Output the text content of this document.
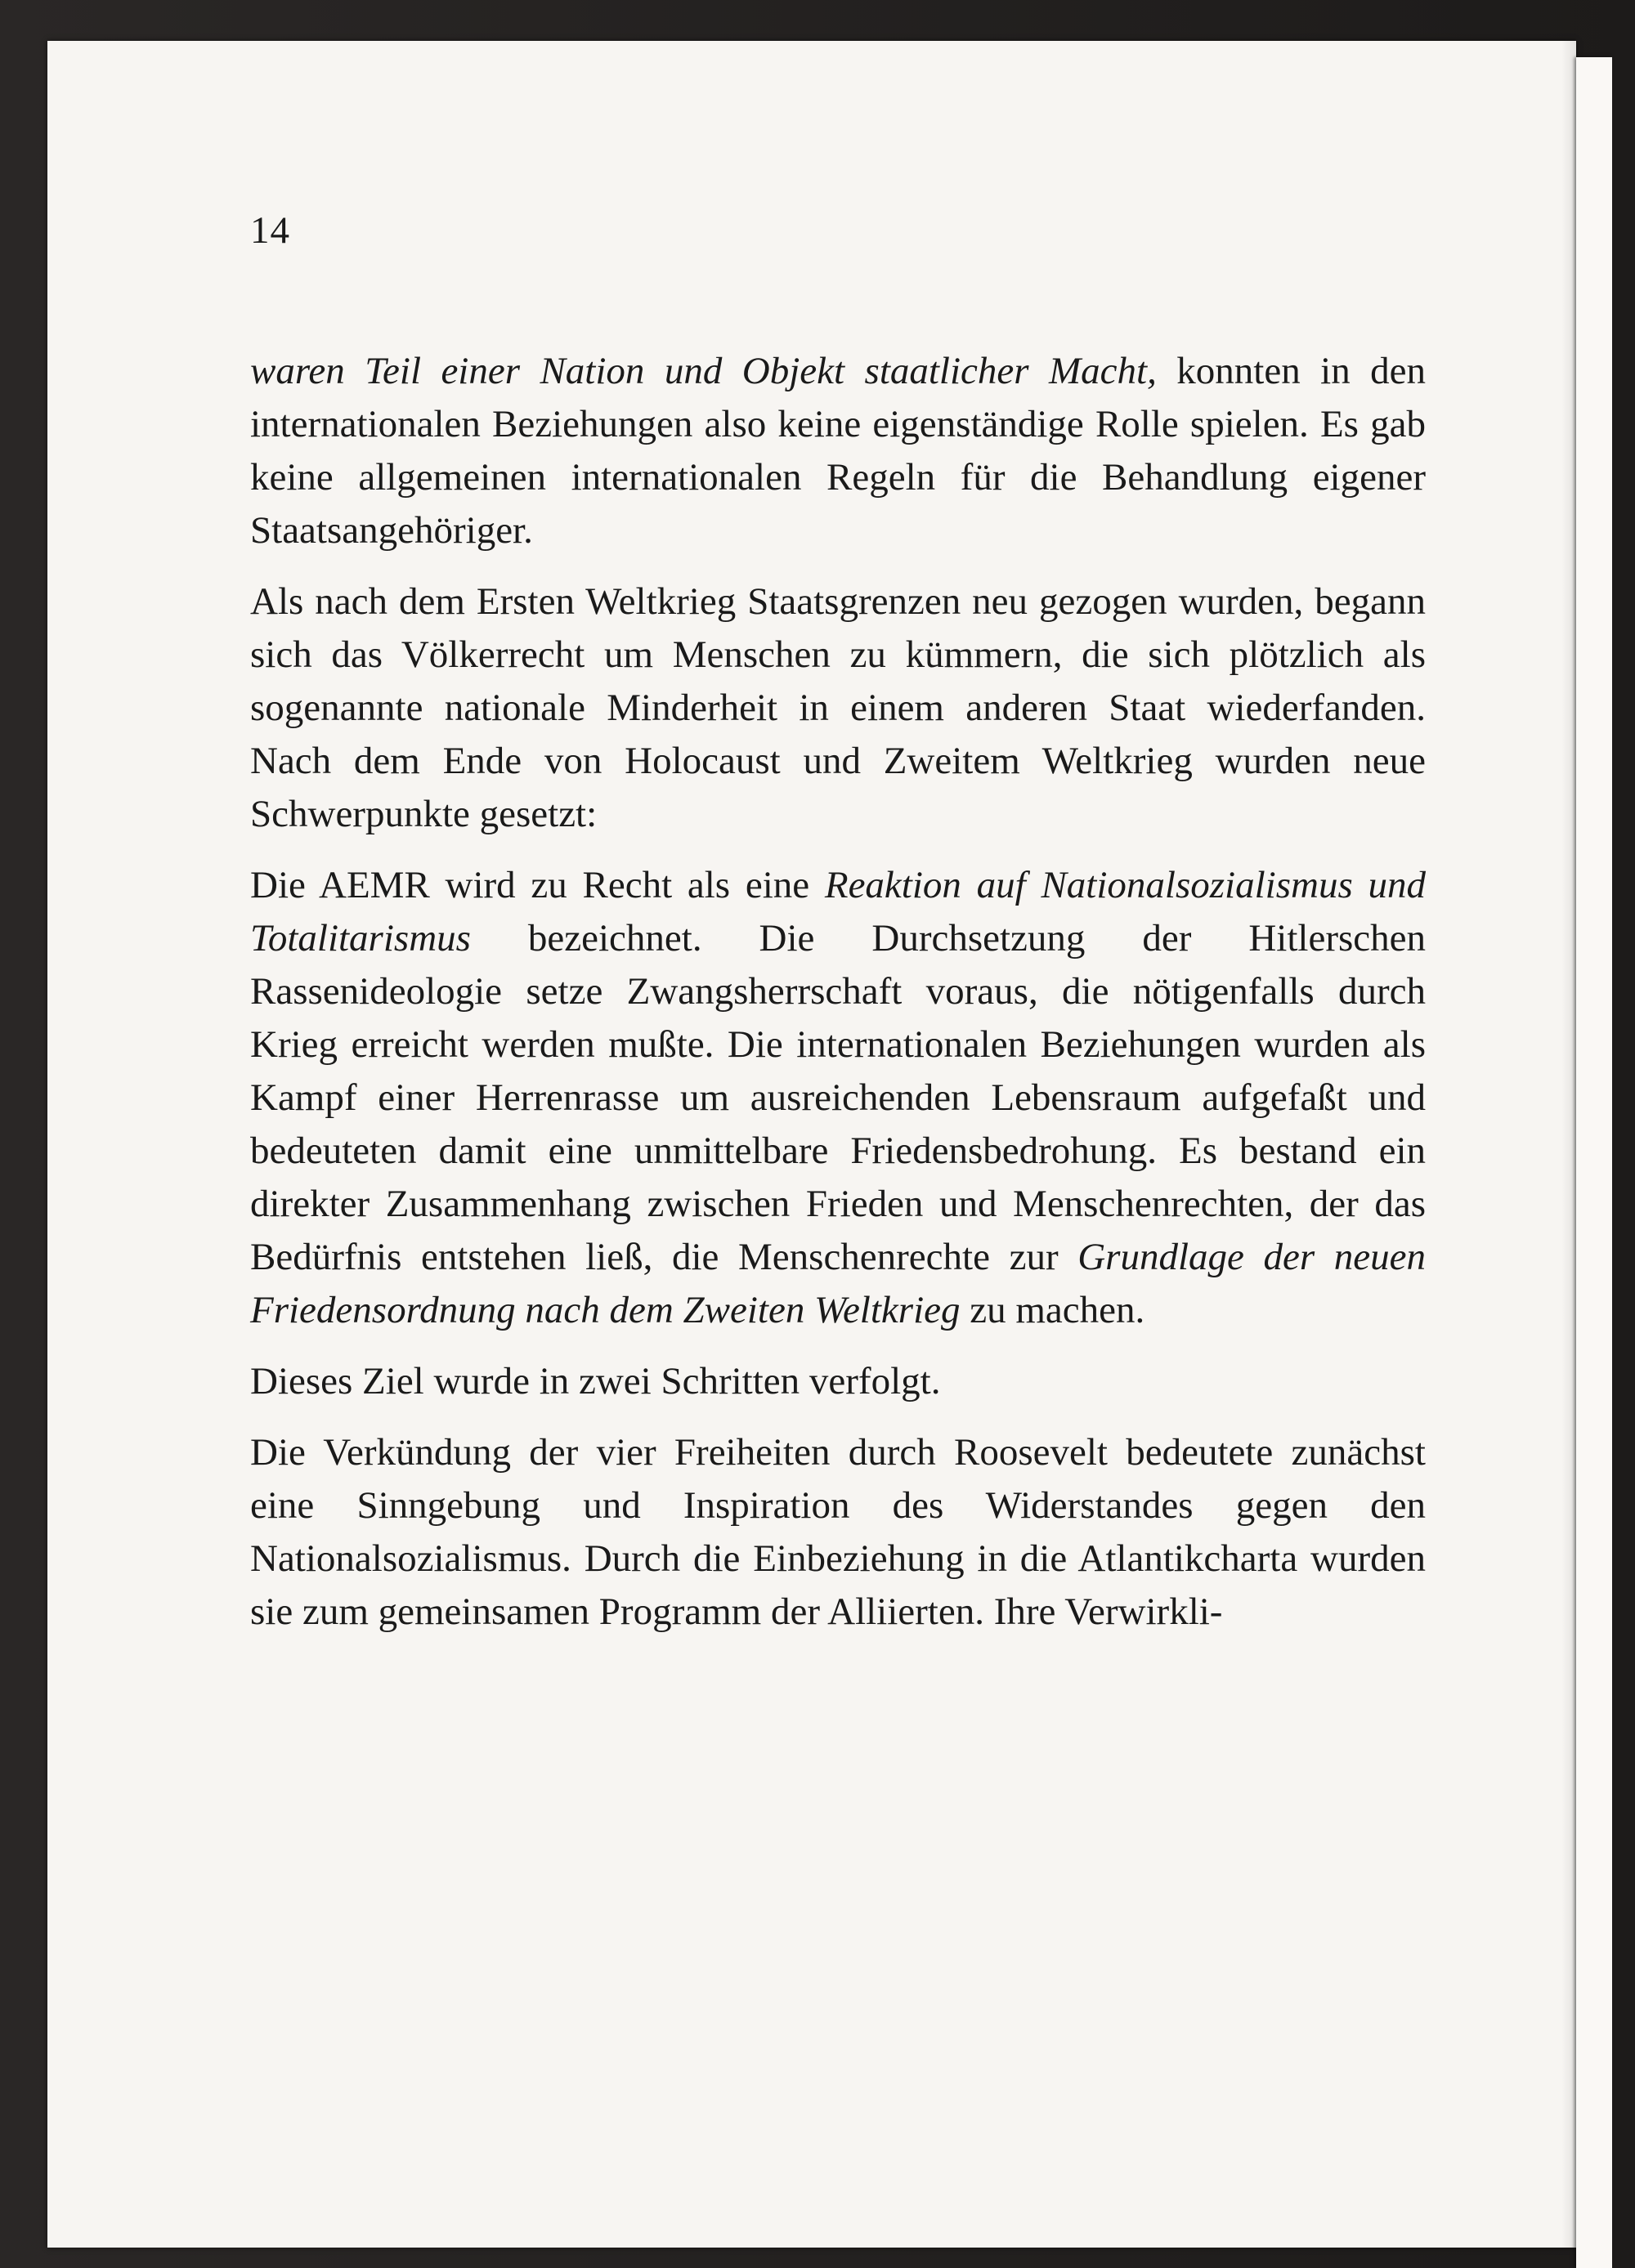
14

waren Teil einer Nation und Objekt staatlicher Macht, konnten in den internationalen Beziehungen also keine eigenständige Rolle spielen. Es gab keine allgemeinen internationalen Regeln für die Behandlung eigener Staatsangehöriger.

Als nach dem Ersten Weltkrieg Staatsgrenzen neu gezogen wurden, begann sich das Völkerrecht um Menschen zu kümmern, die sich plötzlich als sogenannte nationale Minderheit in einem anderen Staat wiederfanden. Nach dem Ende von Holocaust und Zweitem Weltkrieg wurden neue Schwerpunkte gesetzt:

Die AEMR wird zu Recht als eine Reaktion auf Nationalsozialismus und Totalitarismus bezeichnet. Die Durchsetzung der Hitlerschen Rassenideologie setze Zwangsherrschaft voraus, die nötigenfalls durch Krieg erreicht werden mußte. Die internationalen Beziehungen wurden als Kampf einer Herrenrasse um ausreichenden Lebensraum aufgefaßt und bedeuteten damit eine unmittelbare Friedensbedrohung. Es bestand ein direkter Zusammenhang zwischen Frieden und Menschenrechten, der das Bedürfnis entstehen ließ, die Menschenrechte zur Grundlage der neuen Friedensordnung nach dem Zweiten Weltkrieg zu machen.

Dieses Ziel wurde in zwei Schritten verfolgt.

Die Verkündung der vier Freiheiten durch Roosevelt bedeutete zunächst eine Sinngebung und Inspiration des Widerstandes gegen den Nationalsozialismus. Durch die Einbeziehung in die Atlantikcharta wurden sie zum gemeinsamen Programm der Alliierten. Ihre Verwirkli-
